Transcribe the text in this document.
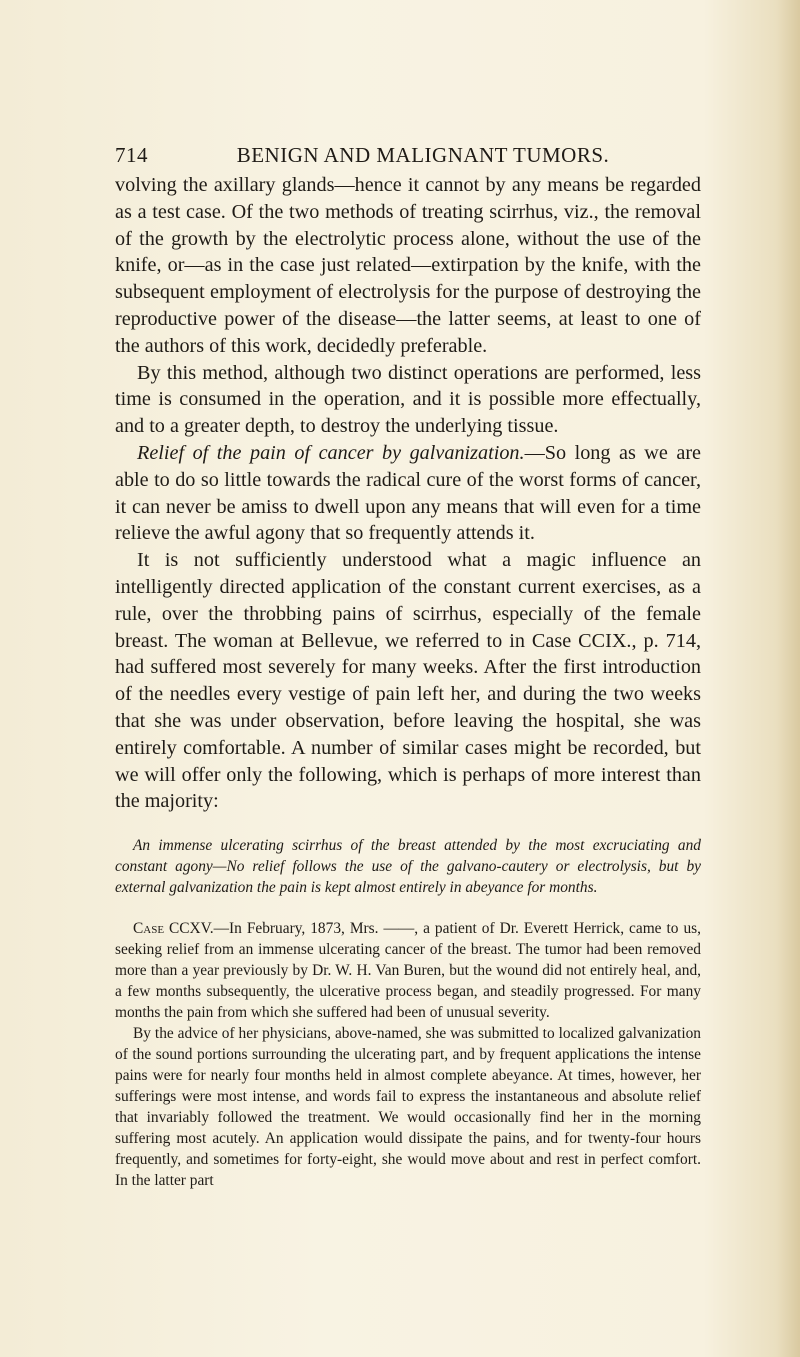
714	BENIGN AND MALIGNANT TUMORS.

volving the axillary glands—hence it cannot by any means be regarded as a test case. Of the two methods of treating scirrhus, viz., the removal of the growth by the electrolytic process alone, without the use of the knife, or—as in the case just related—extirpation by the knife, with the subsequent employment of electrolysis for the purpose of destroying the reproductive power of the disease—the latter seems, at least to one of the authors of this work, decidedly preferable.

By this method, although two distinct operations are performed, less time is consumed in the operation, and it is possible more effectually, and to a greater depth, to destroy the underlying tissue.

Relief of the pain of cancer by galvanization.—So long as we are able to do so little towards the radical cure of the worst forms of cancer, it can never be amiss to dwell upon any means that will even for a time relieve the awful agony that so frequently attends it.

It is not sufficiently understood what a magic influence an intelligently directed application of the constant current exercises, as a rule, over the throbbing pains of scirrhus, especially of the female breast. The woman at Bellevue, we referred to in Case CCIX., p. 714, had suffered most severely for many weeks. After the first introduction of the needles every vestige of pain left her, and during the two weeks that she was under observation, before leaving the hospital, she was entirely comfortable. A number of similar cases might be recorded, but we will offer only the following, which is perhaps of more interest than the majority:

An immense ulcerating scirrhus of the breast attended by the most excruciating and constant agony—No relief follows the use of the galvano-cautery or electrolysis, but by external galvanization the pain is kept almost entirely in abeyance for months.

Case CCXV.—In February, 1873, Mrs. ——, a patient of Dr. Everett Herrick, came to us, seeking relief from an immense ulcerating cancer of the breast. The tumor had been removed more than a year previously by Dr. W. H. Van Buren, but the wound did not entirely heal, and, a few months subsequently, the ulcerative process began, and steadily progressed. For many months the pain from which she suffered had been of unusual severity.

By the advice of her physicians, above-named, she was submitted to localized galvanization of the sound portions surrounding the ulcerating part, and by frequent applications the intense pains were for nearly four months held in almost complete abeyance. At times, however, her sufferings were most intense, and words fail to express the instantaneous and absolute relief that invariably followed the treatment. We would occasionally find her in the morning suffering most acutely. An application would dissipate the pains, and for twenty-four hours frequently, and sometimes for forty-eight, she would move about and rest in perfect comfort. In the latter part
